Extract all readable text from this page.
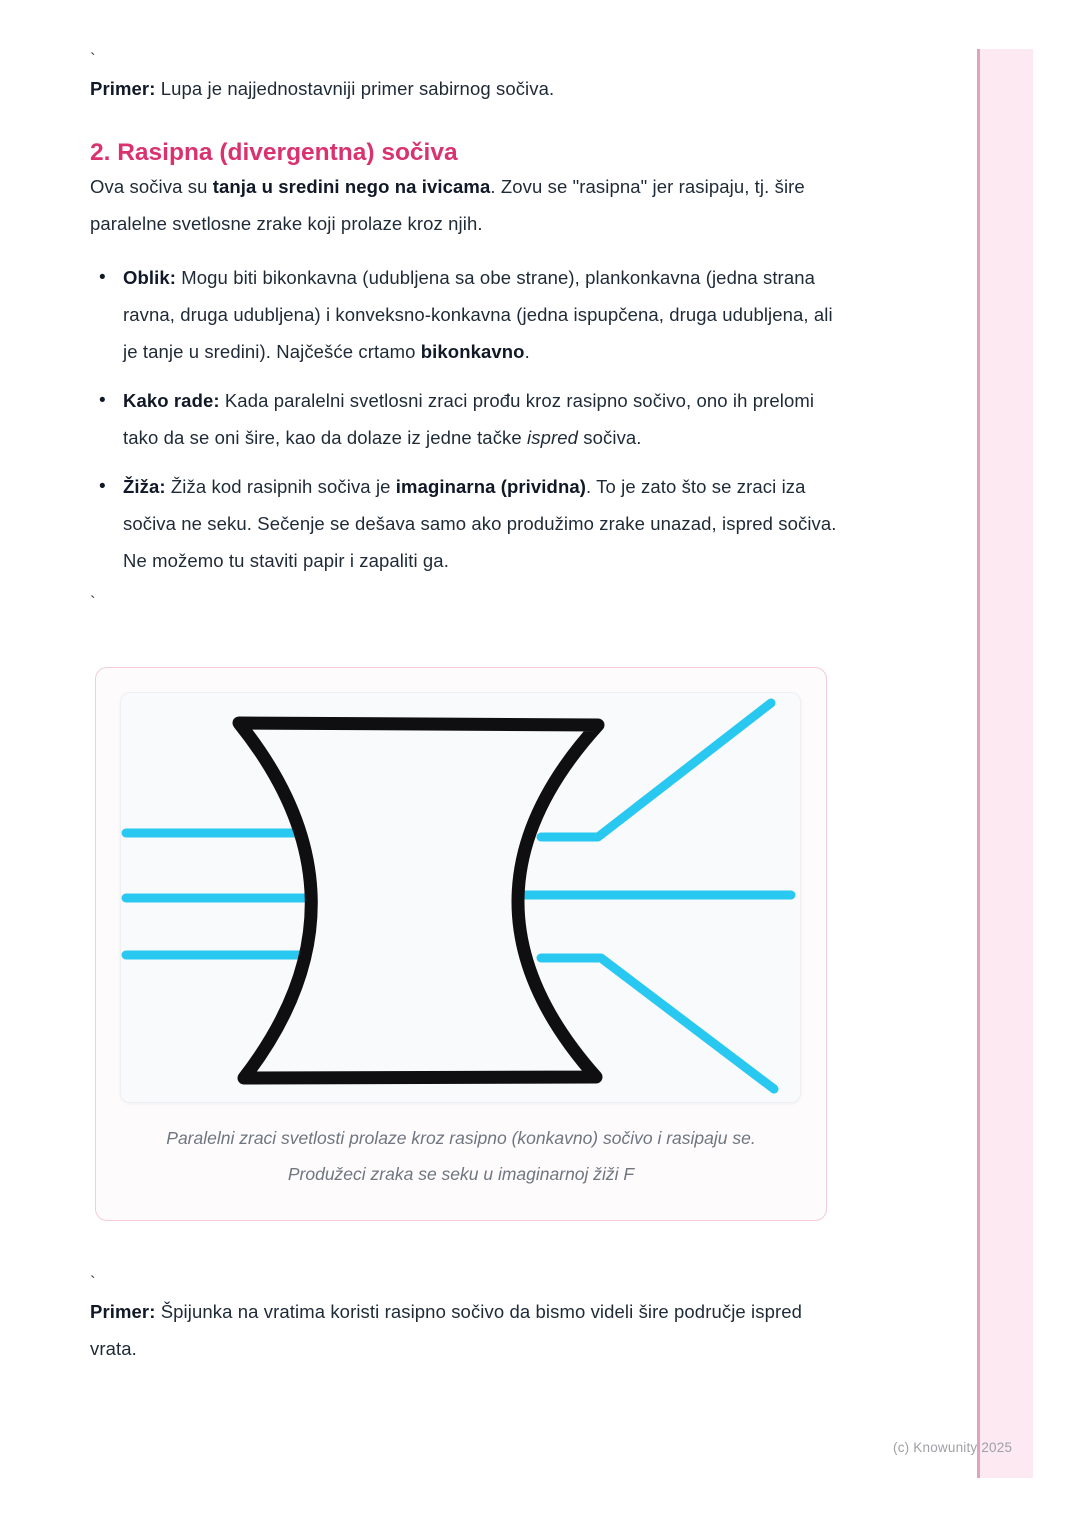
`

Primer: Lupa je najjednostavniji primer sabirnog sočiva.

2. Rasipna (divergentna) sočiva

Ova sočiva su tanja u sredini nego na ivicama. Zovu se "rasipna" jer rasipaju, tj. šire paralelne svetlosne zrake koji prolaze kroz njih.

• Oblik: Mogu biti bikonkavna (udubljena sa obe strane), plankonkavna (jedna strana ravna, druga udubljena) i konveksno-konkavna (jedna ispupčena, druga udubljena, ali je tanje u sredini). Najčešće crtamo bikonkavno.
• Kako rade: Kada paralelni svetlosni zraci prođu kroz rasipno sočivo, ono ih prelomi tako da se oni šire, kao da dolaze iz jedne tačke ispred sočiva.
• Žiža: Žiža kod rasipnih sočiva je imaginarna (prividna). To je zato što se zraci iza sočiva ne seku. Sečenje se dešava samo ako produžimo zrake unazad, ispred sočiva. Ne možemo tu staviti papir i zapaliti ga.
`
Paralelni zraci svetlosti prolaze kroz rasipno (konkavno) sočivo i rasipaju se.
Produžeci zraka se seku u imaginarnoj žiži F
`

Primer: Špijunka na vratima koristi rasipno sočivo da bismo videli šire područje ispred vrata.

(c) Knowunity 2025
